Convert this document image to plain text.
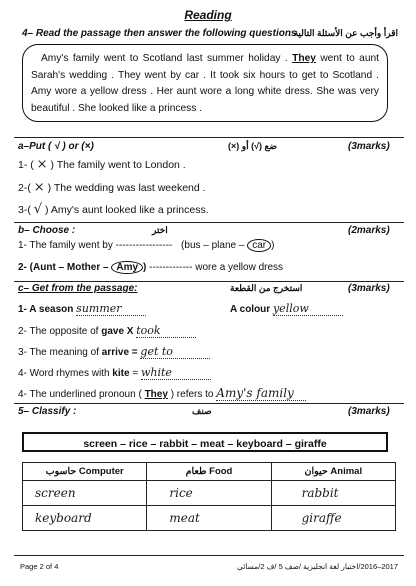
Reading
4– Read the passage then answer the following questions
اقرأ وأجب عن الأسئلة التالية :
Amy's family went to Scotland last summer holiday . They went to aunt Sarah's wedding . They went by car . It took six hours to get to Scotland . Amy wore a yellow dress . Her aunt wore a long white dress. She was very beautiful . She looked like a princess .
a–Put ( √ ) or (×)	ضع (√) أو (×)	(3marks)
1- ( × ) The family went to London .
2-( × ) The wedding was last weekend .
3-( √ ) Amy's aunt looked like a princess.
b– Choose :	اختر	(2marks)
1- The family went by ----------------- (bus – plane – car )
2- (Aunt – Mother – Amy ) ------------- wore a yellow dress
c– Get from the passage:	استخرج من القطعة	(3marks)
1- A season summer	A colour yellow
2- The opposite of gave X took
3- The meaning of arrive = get to
4- Word rhymes with kite = white
4- The underlined pronoun ( They ) refers to Amy's family
5– Classify :	صنف	(3marks)
screen – rice – rabbit – meat – keyboard – giraffe
حاسوب Computer	طعام Food	حيوان Animal
screen	rice	rabbit
keyboard	meat	giraffe
Page 2 of 4	2017–2016/اختبار لغة انجليزية /صف 5 /ف 2/مسائي
